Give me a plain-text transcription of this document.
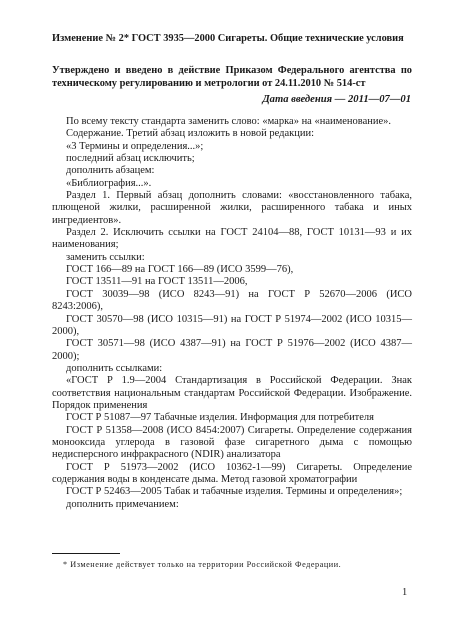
Изменение № 2* ГОСТ 3935—2000 Сигареты. Общие технические условия
Утверждено и введено в действие Приказом Федерального агентства по техническому регулированию и метрологии от 24.11.2010 № 514-ст
Дата введения — 2011—07—01

По всему тексту стандарта заменить слово: «марка» на «наименование».

Содержание. Третий абзац изложить в новой редакции:

«3 Термины и определения...»;

последний абзац исключить;

дополнить абзацем:

«Библиография...».

Раздел 1. Первый абзац дополнить словами: «восстановленного табака, плющеной жилки, расширенной жилки, расширенного табака и иных ингредиентов».

Раздел 2. Исключить ссылки на ГОСТ 24104—88, ГОСТ 10131—93 и их наименования;

заменить ссылки:

ГОСТ 166—89 на ГОСТ 166—89 (ИСО 3599—76),

ГОСТ 13511—91 на ГОСТ 13511—2006,

ГОСТ 30039—98 (ИСО 8243—91) на ГОСТ Р 52670—2006 (ИСО 8243:2006),

ГОСТ 30570—98 (ИСО 10315—91) на ГОСТ Р 51974—2002 (ИСО 10315—2000),

ГОСТ 30571—98 (ИСО 4387—91) на ГОСТ Р 51976—2002 (ИСО 4387—2000);

дополнить ссылками:

«ГОСТ Р 1.9—2004 Стандартизация в Российской Федерации. Знак соответствия национальным стандартам Российской Федерации. Изображение. Порядок применения

ГОСТ Р 51087—97 Табачные изделия. Информация для потребителя

ГОСТ Р 51358—2008 (ИСО 8454:2007) Сигареты. Определение содержания монооксида углерода в газовой фазе сигаретного дыма с помощью недисперсного инфракрасного (NDIR) анализатора

ГОСТ Р 51973—2002 (ИСО 10362-1—99) Сигареты. Определение содержания воды в конденсате дыма. Метод газовой хроматографии

ГОСТ Р 52463—2005 Табак и табачные изделия. Термины и определения»;

дополнить примечанием:

* Изменение действует только на территории Российской Федерации.
1
